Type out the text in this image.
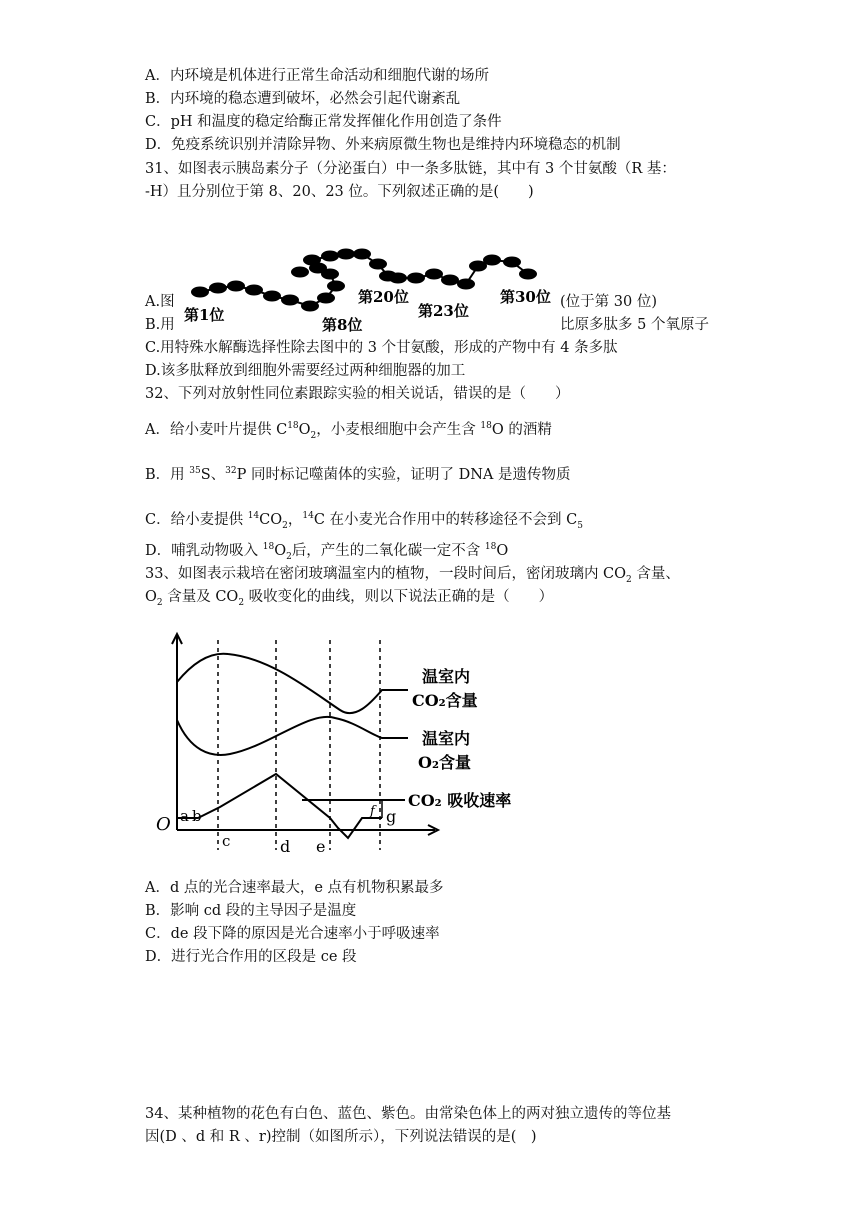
A．内环境是机体进行正常生命活动和细胞代谢的场所
B．内环境的稳态遭到破坏，必然会引起代谢紊乱
C．pH 和温度的稳定给酶正常发挥催化作用创造了条件
D．免疫系统识别并清除异物、外来病原微生物也是维持内环境稳态的机制
31、如图表示胰岛素分子（分泌蛋白）中一条多肽链，其中有 3 个甘氨酸（R 基：
-H）且分别位于第 8、20、23 位。下列叙述正确的是(　　)
A.图	(位于第 30 位)
B.用	比原多肽多 5 个氧原子
第1位
第8位
第20位
第23位
第30位
C.用特殊水解酶选择性除去图中的 3 个甘氨酸，形成的产物中有 4 条多肽
D.该多肽释放到细胞外需要经过两种细胞器的加工
32、下列对放射性同位素跟踪实验的相关说话，错误的是（　　）
A．给小麦叶片提供 $C^{18}O_2$，小麦根细胞中会产生含 $^{18}$O 的酒精
B．用 $^{35}$S、$^{32}$P 同时标记噬菌体的实验，证明了 DNA 是遗传物质
C．给小麦提供 $^{14}CO_2$，$^{14}$C 在小麦光合作用中的转移途径不会到 $C_5$
D．哺乳动物吸入 $^{18}O_2$后，产生的二氧化碳一定不含 $^{18}$O
33、如图表示栽培在密闭玻璃温室内的植物，一段时间后，密闭玻璃内 $CO_2$ 含量、
$O_2$ 含量及 $CO_2$ 吸收变化的曲线，则以下说法正确的是（　　）
O a b
c	d e
f g
温室内
CO₂含量
温室内
O₂含量
CO₂ 吸收速率
A．d 点的光合速率最大，e 点有机物积累最多
B．影响 cd 段的主导因子是温度
C．de 段下降的原因是光合速率小于呼吸速率
D．进行光合作用的区段是 ce 段
34、某种植物的花色有白色、蓝色、紫色。由常染色体上的两对独立遗传的等位基
因(D 、d 和 R 、r)控制（如图所示），下列说法错误的是(　)
